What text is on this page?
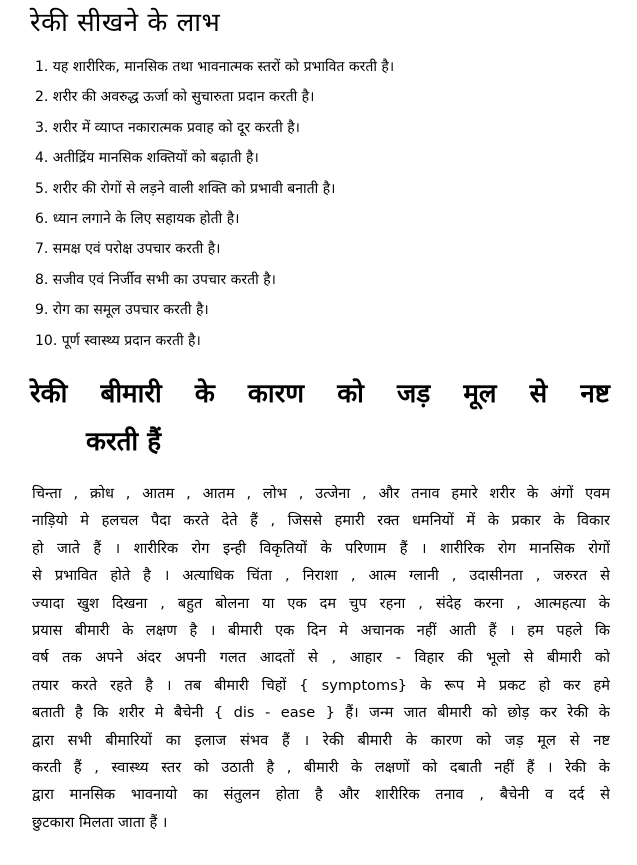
रेकी सीखने के लाभ
1. यह शारीरिक, मानसिक तथा भावनात्मक स्तरों को प्रभावित करती है।
2. शरीर की अवरुद्ध ऊर्जा को सुचारुता प्रदान करती है।
3. शरीर में व्याप्त नकारात्मक प्रवाह को दूर करती है।
4. अतीद्रिंय मानसिक शक्तियों को बढ़ाती है।
5. शरीर की रोगों से लड़ने वाली शक्ति को प्रभावी बनाती है।
6. ध्यान लगाने के लिए सहायक होती है।
7. समक्ष एवं परोक्ष उपचार करती है।
8. सजीव एवं निर्जीव सभी का उपचार करती है।
9. रोग का समूल उपचार करती है।
10. पूर्ण स्वास्थ्य प्रदान करती है।
रेकी बीमारी के कारण को जड़ मूल से नष्ट
करती हैं

चिन्ता , क्रोध , आतम , आतम , लोभ , उत्जेना , और तनाव हमारे शरीर के अंगों एवम
नाड़ियो मे हलचल पैदा करते देते हैं , जिससे हमारी रक्त धमनियों में के प्रकार के विकार
हो जाते हैं । शारीरिक रोग इन्ही विकृतियों के परिणाम हैं । शारीरिक रोग मानसिक रोगों
से प्रभावित होते है । अत्याधिक चिंता , निराशा , आत्म ग्लानी , उदासीनता , जरुरत से
ज्यादा खुश दिखना , बहुत बोलना या एक दम चुप रहना , संदेह करना , आत्महत्या के
प्रयास बीमारी के लक्षण है । बीमारी एक दिन मे अचानक नहीं आती हैं । हम पहले कि
वर्ष तक अपने अंदर अपनी गलत आदतों से , आहार - विहार की भूलो से बीमारी को
तयार करते रहते है । तब बीमारी चिहों { symptoms} के रूप मे प्रकट हो कर हमे
बताती है कि शरीर मे बैचेनी { dis - ease } हैं। जन्म जात बीमारी को छोड़ कर रेकी के
द्वारा सभी बीमारियों का इलाज संभव हैं । रेकी बीमारी के कारण को जड़ मूल से नष्ट
करती हैं , स्वास्थ्य स्तर को उठाती है , बीमारी के लक्षणों को दबाती नहीं हैं । रेकी के
द्वारा मानसिक भावनायो का संतुलन होता है और शारीरिक तनाव , बैचेनी व दर्द से
छुटकारा मिलता जाता हैं ।
